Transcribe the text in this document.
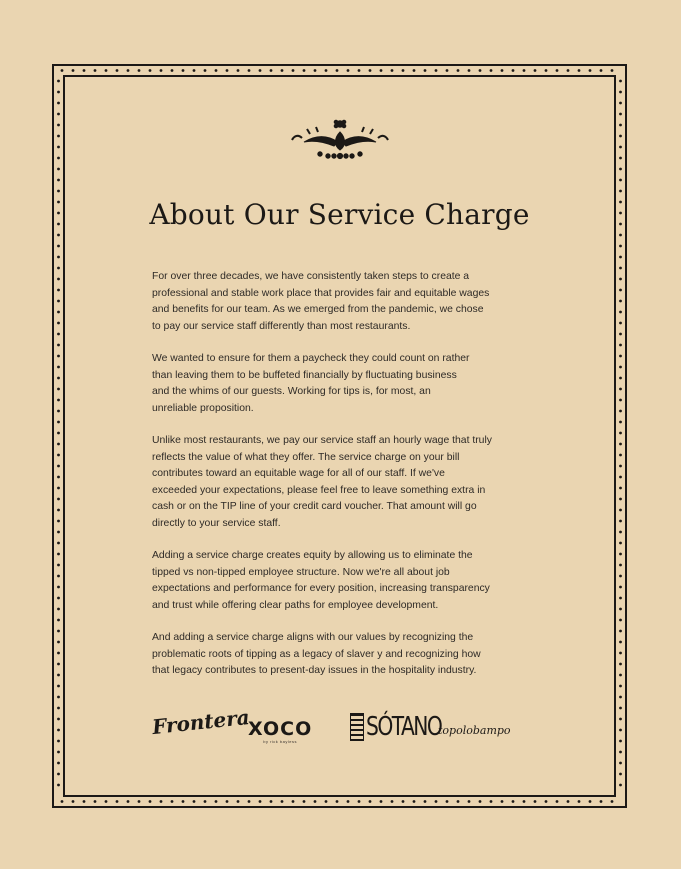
About Our Service Charge

For over three decades, we have consistently taken steps to create a
professional and stable work place that provides fair and equitable wages
and benefits for our team. As we emerged from the pandemic, we chose
to pay our service staff differently than most restaurants.

We wanted to ensure for them a paycheck they could count on rather
than leaving them to be buffeted financially by fluctuating business
and the whims of our guests. Working for tips is, for most, an
unreliable proposition.

Unlike most restaurants, we pay our service staff an hourly wage that truly
reflects the value of what they offer. The service charge on your bill
contributes toward an equitable wage for all of our staff. If we've
exceeded your expectations, please feel free to leave something extra in
cash or on the TIP line of your credit card voucher. That amount will go
directly to your service staff.

Adding a service charge creates equity by allowing us to eliminate the
tipped vs non-tipped employee structure. Now we're all about job
expectations and performance for every position, increasing transparency
and trust while offering clear paths for employee development.

And adding a service charge aligns with our values by recognizing the
problematic roots of tipping as a legacy of slaver y and recognizing how
that legacy contributes to present-day issues in the hospitality industry.

Frontera
XOCO
by rick bayless	SÓTANO
topolobampo
